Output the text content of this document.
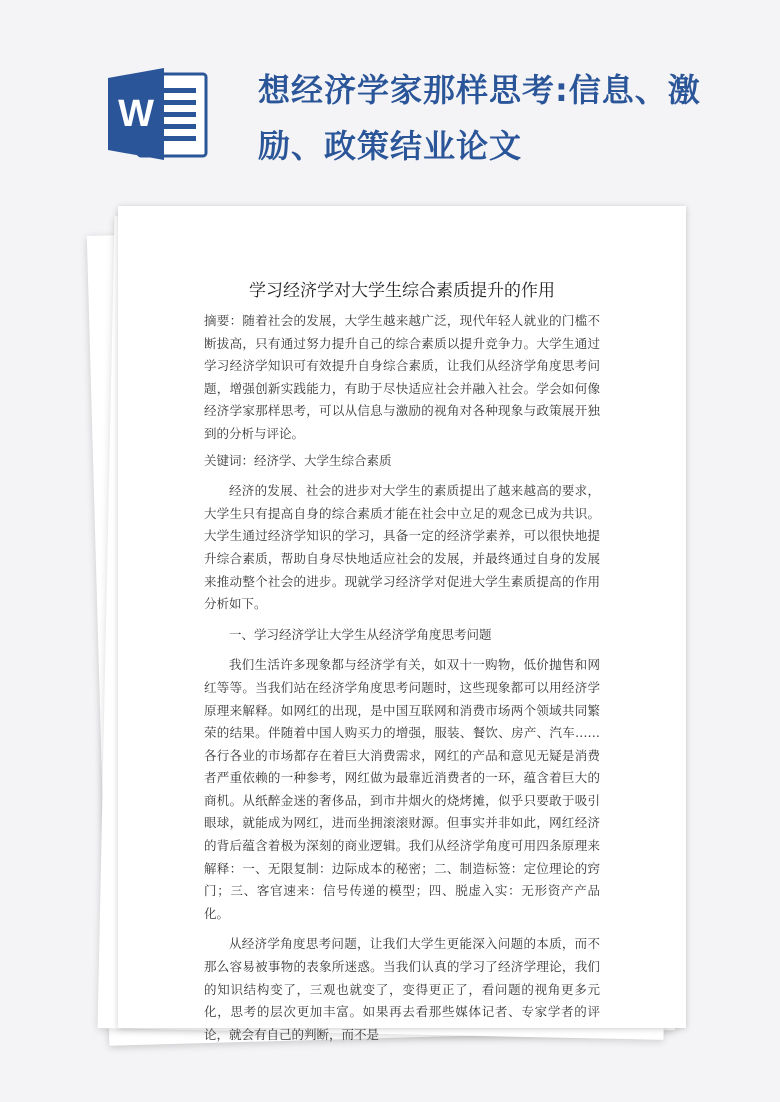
W
想经济学家那样思考:信息、激励、政策结业论文
学习经济学对大学生综合素质提升的作用

摘要：随着社会的发展，大学生越来越广泛，现代年轻人就业的门槛不断拔高，只有通过努力提升自己的综合素质以提升竞争力。大学生通过学习经济学知识可有效提升自身综合素质，让我们从经济学角度思考问题，增强创新实践能力，有助于尽快适应社会并融入社会。学会如何像经济学家那样思考，可以从信息与激励的视角对各种现象与政策展开独到的分析与评论。

关键词：经济学、大学生综合素质

经济的发展、社会的进步对大学生的素质提出了越来越高的要求，大学生只有提高自身的综合素质才能在社会中立足的观念已成为共识。大学生通过经济学知识的学习，具备一定的经济学素养，可以很快地提升综合素质，帮助自身尽快地适应社会的发展，并最终通过自身的发展来推动整个社会的进步。现就学习经济学对促进大学生素质提高的作用分析如下。

一、学习经济学让大学生从经济学角度思考问题

我们生活许多现象都与经济学有关，如双十一购物，低价抛售和网红等等。当我们站在经济学角度思考问题时，这些现象都可以用经济学原理来解释。如网红的出现，是中国互联网和消费市场两个领域共同繁荣的结果。伴随着中国人购买力的增强，服装、餐饮、房产、汽车……各行各业的市场都存在着巨大消费需求，网红的产品和意见无疑是消费者严重依赖的一种参考，网红做为最靠近消费者的一环，蕴含着巨大的商机。从纸醉金迷的奢侈品，到市井烟火的烧烤摊，似乎只要敢于吸引眼球，就能成为网红，进而坐拥滚滚财源。但事实并非如此，网红经济的背后蕴含着极为深刻的商业逻辑。我们从经济学角度可用四条原理来解释：一、无限复制：边际成本的秘密；二、制造标签：定位理论的窍门；三、客官速来：信号传递的模型；四、脱虚入实：无形资产产品化。

从经济学角度思考问题，让我们大学生更能深入问题的本质，而不那么容易被事物的表象所迷惑。当我们认真的学习了经济学理论，我们的知识结构变了，三观也就变了，变得更正了，看问题的视角更多元化，思考的层次更加丰富。如果再去看那些媒体记者、专家学者的评论，就会有自己的判断，而不是
